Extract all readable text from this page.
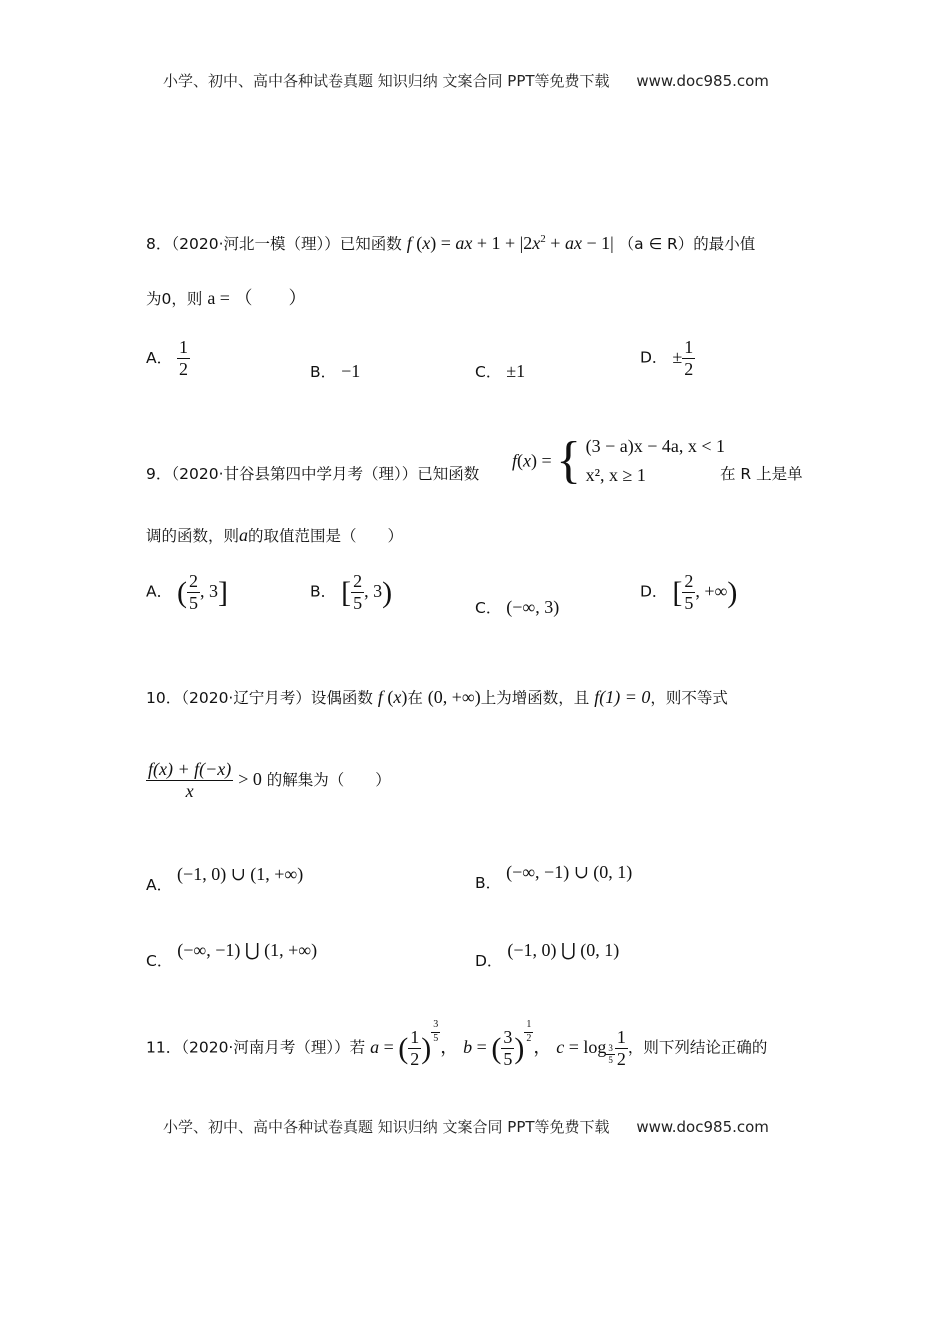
小学、初中、高中各种试卷真题 知识归纳 文案合同 PPT等免费下载 www.doc985.com
8．（2020·河北一模（理））已知函数 f (x) = ax + $1 + |2x^2$ + ax − 1| （a ∈ R）的最小值
为0，则 a = （　　）
A． $\frac{1}{2}$	B． −1	C． ±1
D． ± $\frac{1}{2}$
9．（2020·甘谷县第四中学月考（理））已知函数
f(x) = { (3 − a)x − 4a, x < 1
x², x ≥ 1	在 R 上是单
调的函数，则a的取值范围是（　　）
A． ( $\frac{2}{5}$ , 3]	B． [ $\frac{2}{5}$ , 3)	C． (−∞, 3)
D． [ $\frac{2}{5}$ , +∞)
10．（2020·辽宁月考）设偶函数 f (x)在 (0, +∞)上为增函数，且 f(1) = 0，则不等式
$\frac{f(x) + f(-x)}{x} > 0$ 的解集为（　　）
A． (−1, 0) ∪ (1, +∞)	B． (−∞, −1) ∪ (0, 1)
C． (−∞, −1) ⋃ (1, +∞)
D． (−1, 0) ⋃ (0, 1)
11．（2020·河南月考（理））若 a = ( $\frac{1}{2}$ ) $^{\frac{3}{5}}$
， b = ( $\frac{3}{5}$ ) $^{\frac{1}{2}}$
， $c = \log _{\frac{3}{5}} \frac{1}{2}$ ，则下列结论正确的
小学、初中、高中各种试卷真题 知识归纳 文案合同 PPT等免费下载 www.doc985.com
